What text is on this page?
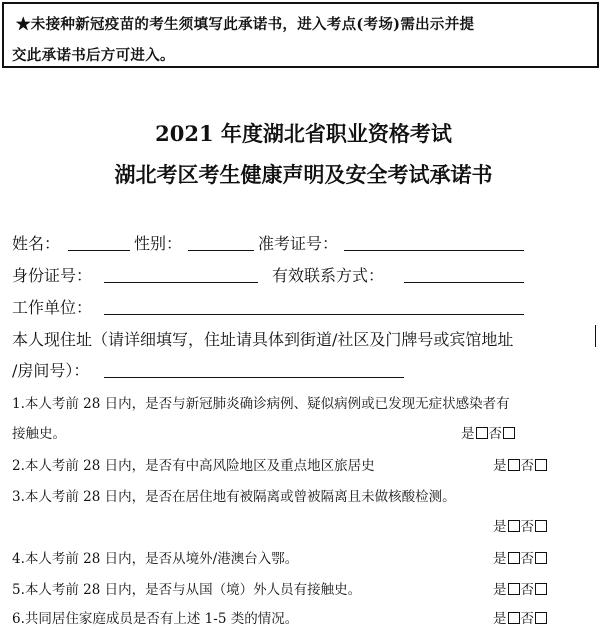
★未接种新冠疫苗的考生须填写此承诺书，进入考点(考场)需出示并提
交此承诺书后方可进入。
2021 年度湖北省职业资格考试
湖北考区考生健康声明及安全考试承诺书
姓名：	性别：	准考证号：
身份证号：	有效联系方式：
工作单位：
本人现住址（请详细填写，住址请具体到街道/社区及门牌号或宾馆地址
/房间号）：
1.本人考前 28 日内，是否与新冠肺炎确诊病例、疑似病例或已发现无症状感染者有
接触史。	是 否
2.本人考前 28 日内，是否有中高风险地区及重点地区旅居史	是 否
3.本人考前 28 日内，是否在居住地有被隔离或曾被隔离且未做核酸检测。
是 否
4.本人考前 28 日内，是否从境外/港澳台入鄂。	是 否
5.本人考前 28 日内，是否与从国（境）外人员有接触史。	是 否
6.共同居住家庭成员是否有上述 1-5 类的情况。	是 否
